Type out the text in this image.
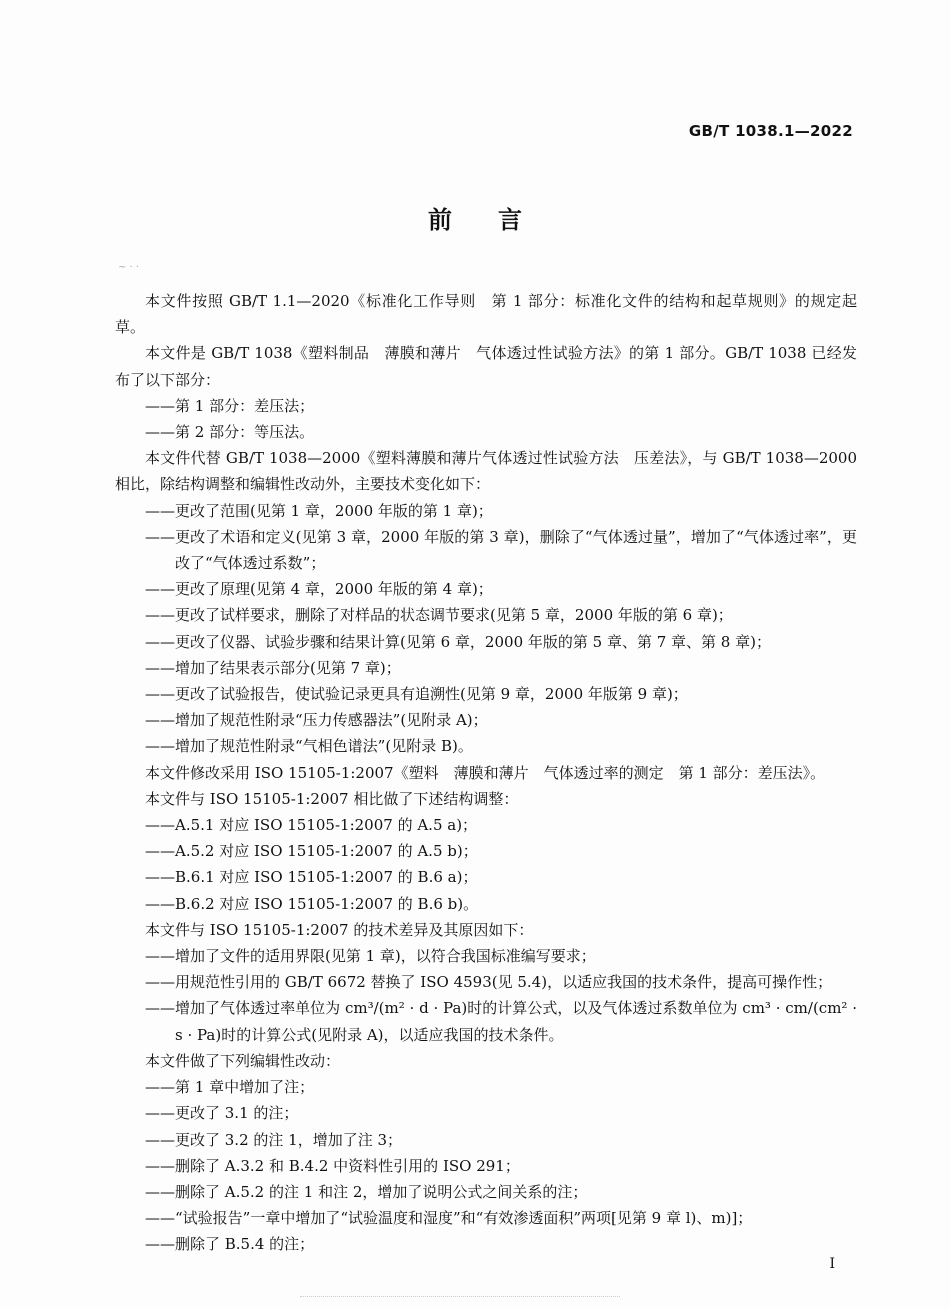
GB/T 1038.1—2022
前言
~ · ·

本文件按照 GB/T 1.1—2020《标准化工作导则　第 1 部分：标准化文件的结构和起草规则》的规定起草。

本文件是 GB/T 1038《塑料制品　薄膜和薄片　气体透过性试验方法》的第 1 部分。GB/T 1038 已经发布了以下部分：

——第 1 部分：差压法；

——第 2 部分：等压法。

本文件代替 GB/T 1038—2000《塑料薄膜和薄片气体透过性试验方法　压差法》，与 GB/T 1038—2000 相比，除结构调整和编辑性改动外，主要技术变化如下：

——更改了范围(见第 1 章，2000 年版的第 1 章)；

——更改了术语和定义(见第 3 章，2000 年版的第 3 章)，删除了“气体透过量”，增加了“气体透过率”，更改了“气体透过系数”；

——更改了原理(见第 4 章，2000 年版的第 4 章)；

——更改了试样要求，删除了对样品的状态调节要求(见第 5 章，2000 年版的第 6 章)；

——更改了仪器、试验步骤和结果计算(见第 6 章，2000 年版的第 5 章、第 7 章、第 8 章)；

——增加了结果表示部分(见第 7 章)；

——更改了试验报告，使试验记录更具有追溯性(见第 9 章，2000 年版第 9 章)；

——增加了规范性附录“压力传感器法”(见附录 A)；

——增加了规范性附录“气相色谱法”(见附录 B)。

本文件修改采用 ISO 15105-1:2007《塑料　薄膜和薄片　气体透过率的测定　第 1 部分：差压法》。

本文件与 ISO 15105-1:2007 相比做了下述结构调整：

——A.5.1 对应 ISO 15105-1:2007 的 A.5 a)；

——A.5.2 对应 ISO 15105-1:2007 的 A.5 b)；

——B.6.1 对应 ISO 15105-1:2007 的 B.6 a)；

——B.6.2 对应 ISO 15105-1:2007 的 B.6 b)。

本文件与 ISO 15105-1:2007 的技术差异及其原因如下：

——增加了文件的适用界限(见第 1 章)，以符合我国标准编写要求；

——用规范性引用的 GB/T 6672 替换了 ISO 4593(见 5.4)，以适应我国的技术条件，提高可操作性；

——增加了气体透过率单位为 cm³/(m² · d · Pa)时的计算公式，以及气体透过系数单位为 cm³ · cm/(cm² · s · Pa)时的计算公式(见附录 A)，以适应我国的技术条件。

本文件做了下列编辑性改动：

——第 1 章中增加了注；

——更改了 3.1 的注；

——更改了 3.2 的注 1，增加了注 3；

——删除了 A.3.2 和 B.4.2 中资料性引用的 ISO 291；

——删除了 A.5.2 的注 1 和注 2，增加了说明公式之间关系的注；

——“试验报告”一章中增加了“试验温度和湿度”和“有效渗透面积”两项[见第 9 章 l)、m)]；

——删除了 B.5.4 的注；

I
